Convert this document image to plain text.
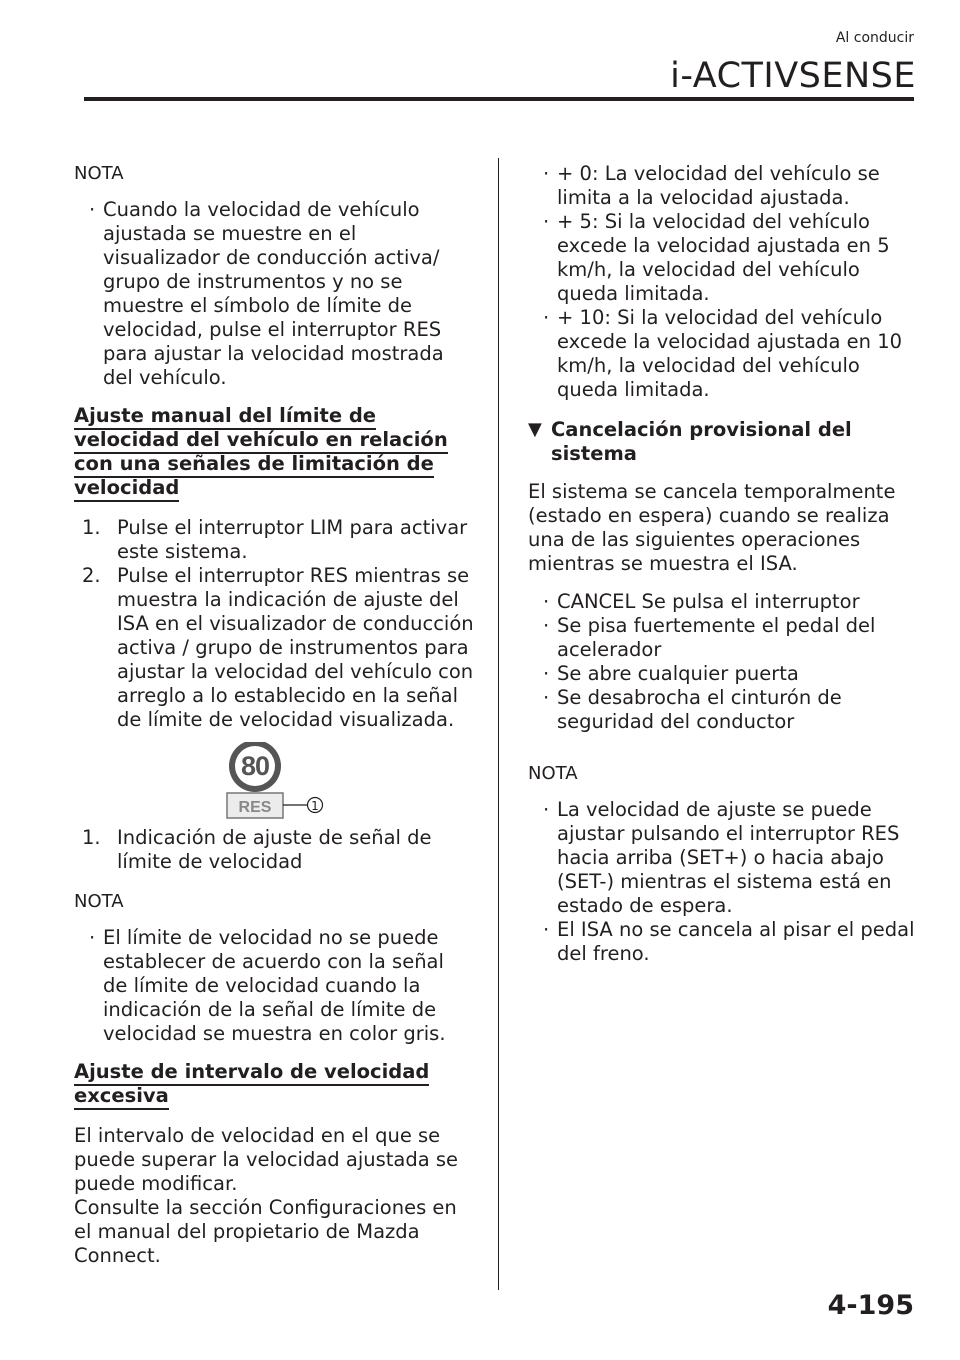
Al conducir
i-ACTIVSENSE

NOTA

· Cuando la velocidad de vehículo ajustada se muestre en el visualizador de conducción activa/ grupo de instrumentos y no se muestre el símbolo de límite de velocidad, pulse el interruptor RES para ajustar la velocidad mostrada del vehículo.

Ajuste manual del límite de velocidad del vehículo en relación con una señales de limitación de velocidad

1. Pulse el interruptor LIM para activar este sistema.
2. Pulse el interruptor RES mientras se muestra la indicación de ajuste del ISA en el visualizador de conducción activa / grupo de instrumentos para ajustar la velocidad del vehículo con arreglo a lo establecido en la señal de límite de velocidad visualizada.
80
RES	1
1. Indicación de ajuste de señal de límite de velocidad

NOTA

· El límite de velocidad no se puede establecer de acuerdo con la señal de límite de velocidad cuando la indicación de la señal de límite de velocidad se muestra en color gris.

Ajuste de intervalo de velocidad excesiva

El intervalo de velocidad en el que se puede superar la velocidad ajustada se puede modificar.

Consulte la sección Configuraciones en el manual del propietario de Mazda Connect.

· + 0: La velocidad del vehículo se limita a la velocidad ajustada.

· + 5: Si la velocidad del vehículo excede la velocidad ajustada en 5 km/h, la velocidad del vehículo queda limitada.

· + 10: Si la velocidad del vehículo excede la velocidad ajustada en 10 km/h, la velocidad del vehículo queda limitada.

▼ Cancelación provisional del sistema

El sistema se cancela temporalmente (estado en espera) cuando se realiza una de las siguientes operaciones mientras se muestra el ISA.

· CANCEL Se pulsa el interruptor

· Se pisa fuertemente el pedal del acelerador

· Se abre cualquier puerta

· Se desabrocha el cinturón de seguridad del conductor

NOTA

· La velocidad de ajuste se puede ajustar pulsando el interruptor RES hacia arriba (SET+) o hacia abajo (SET-) mientras el sistema está en estado de espera.

· El ISA no se cancela al pisar el pedal del freno.

4-195
